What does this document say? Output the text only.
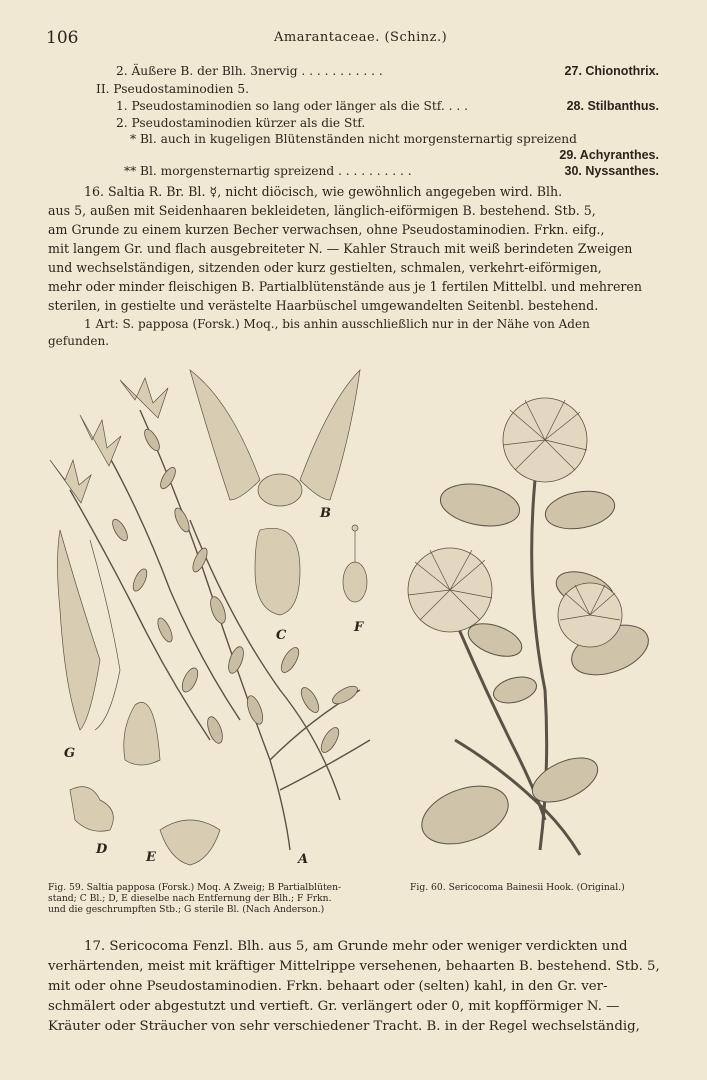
106	Amarantaceae. (Schinz.)
2. Äußere B. der Blh. 3nervig . . . . . . . . . . .	27. Chionothrix.
II. Pseudostaminodien 5.
1. Pseudostaminodien so lang oder länger als die Stf. . . .	28. Stilbanthus.
2. Pseudostaminodien kürzer als die Stf.
* Bl. auch in kugeligen Blütenständen nicht morgensternartig spreizend
29. Achyranthes.
** Bl. morgensternartig spreizend . . . . . . . . . .	30. Nyssanthes.
16. Saltia R. Br. Bl. ☿, nicht diöcisch, wie gewöhnlich angegeben wird. Blh.
aus 5, außen mit Seidenhaaren bekleideten, länglich-eiförmigen B. bestehend. Stb. 5,
am Grunde zu einem kurzen Becher verwachsen, ohne Pseudostaminodien. Frkn. eifg.,
mit langem Gr. und flach ausgebreiteter N. — Kahler Strauch mit weiß berindeten Zweigen
und wechselständigen, sitzenden oder kurz gestielten, schmalen, verkehrt-eiförmigen,
mehr oder minder fleischigen B. Partialblütenstände aus je 1 fertilen Mittelbl. und mehreren
sterilen, in gestielte und verästelte Haarbüschel umgewandelten Seitenbl. bestehend.
1 Art: S. papposa (Forsk.) Moq., bis anhin ausschließlich nur in der Nähe von Aden
gefunden.
B
C
F
G
D
E	A
Fig. 59. Saltia papposa (Forsk.) Moq. A Zweig; B Partialblüten-
stand; C Bl.; D, E dieselbe nach Entfernung der Blh.; F Frkn.
und die geschrumpften Stb.; G sterile Bl. (Nach Anderson.)
Fig. 60. Sericocoma Bainesii Hook. (Original.)
17. Sericocoma Fenzl. Blh. aus 5, am Grunde mehr oder weniger verdickten und
verhärtenden, meist mit kräftiger Mittelrippe versehenen, behaarten B. bestehend. Stb. 5,
mit oder ohne Pseudostaminodien. Frkn. behaart oder (selten) kahl, in den Gr. ver-
schmälert oder abgestutzt und vertieft. Gr. verlängert oder 0, mit kopfförmiger N. —
Kräuter oder Sträucher von sehr verschiedener Tracht. B. in der Regel wechselständig,
